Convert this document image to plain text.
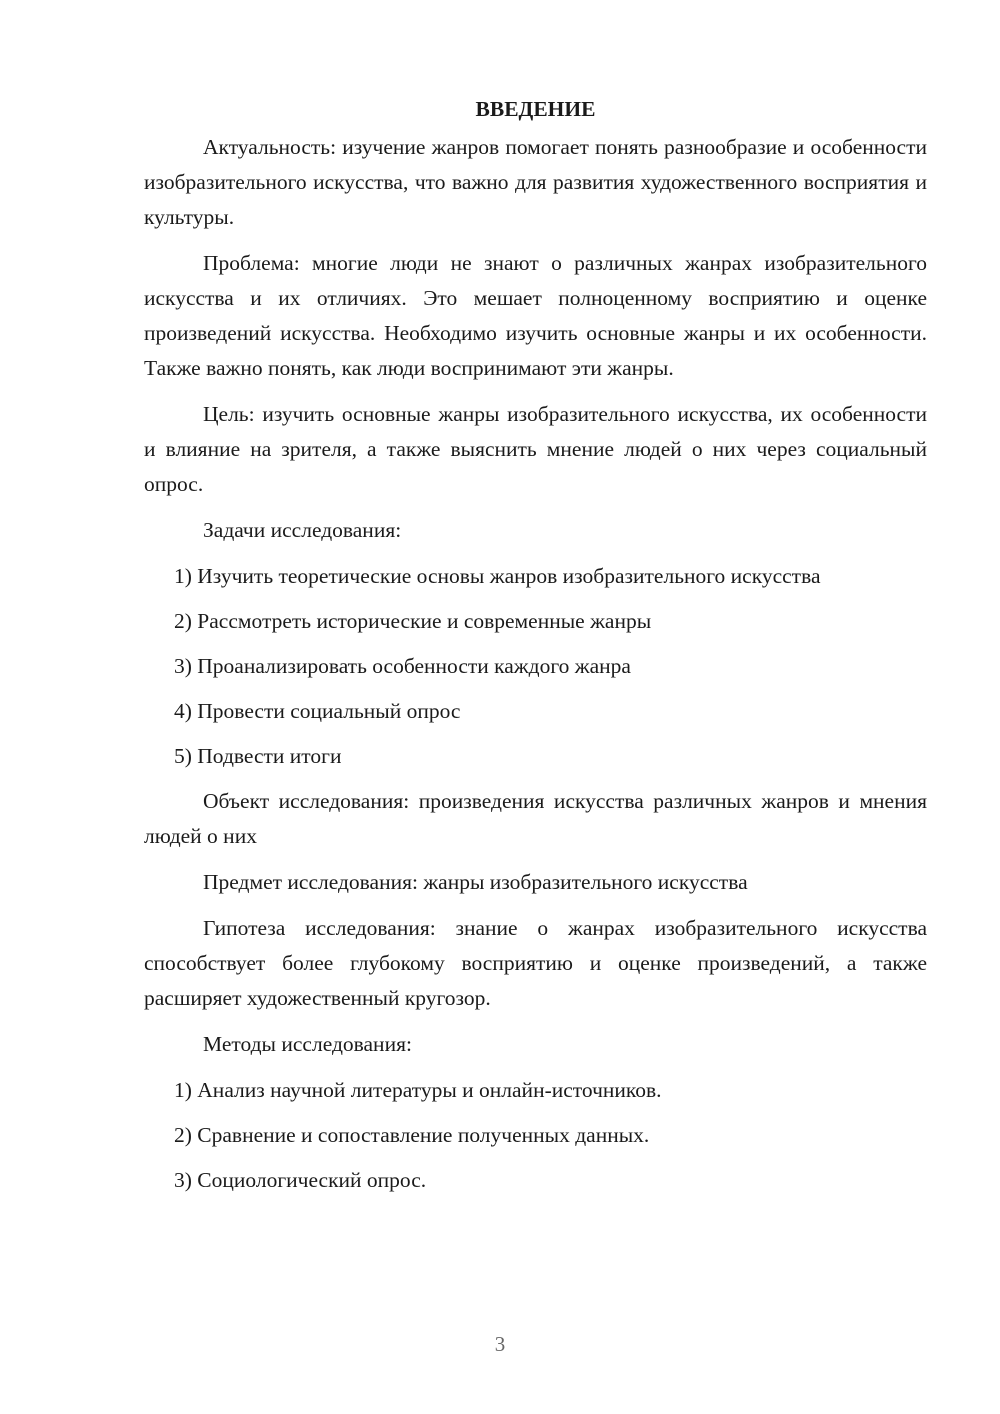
ВВЕДЕНИЕ

Актуальность: изучение жанров помогает понять разнообразие и особенности изобразительного искусства, что важно для развития художественного восприятия и культуры.

Проблема: многие люди не знают о различных жанрах изобразительного искусства и их отличиях. Это мешает полноценному восприятию и оценке произведений искусства. Необходимо изучить основные жанры и их особенности. Также важно понять, как люди воспринимают эти жанры.

Цель: изучить основные жанры изобразительного искусства, их особенности и влияние на зрителя, а также выяснить мнение людей о них через социальный опрос.

Задачи исследования:

1) Изучить теоретические основы жанров изобразительного искусства

2) Рассмотреть исторические и современные жанры

3) Проанализировать особенности каждого жанра

4) Провести социальный опрос

5) Подвести итоги

Объект исследования: произведения искусства различных жанров и мнения людей о них

Предмет исследования: жанры изобразительного искусства

Гипотеза исследования: знание о жанрах изобразительного искусства способствует более глубокому восприятию и оценке произведений, а также расширяет художественный кругозор.

Методы исследования:

1) Анализ научной литературы и онлайн-источников.

2) Сравнение и сопоставление полученных данных.

3) Социологический опрос.

3
